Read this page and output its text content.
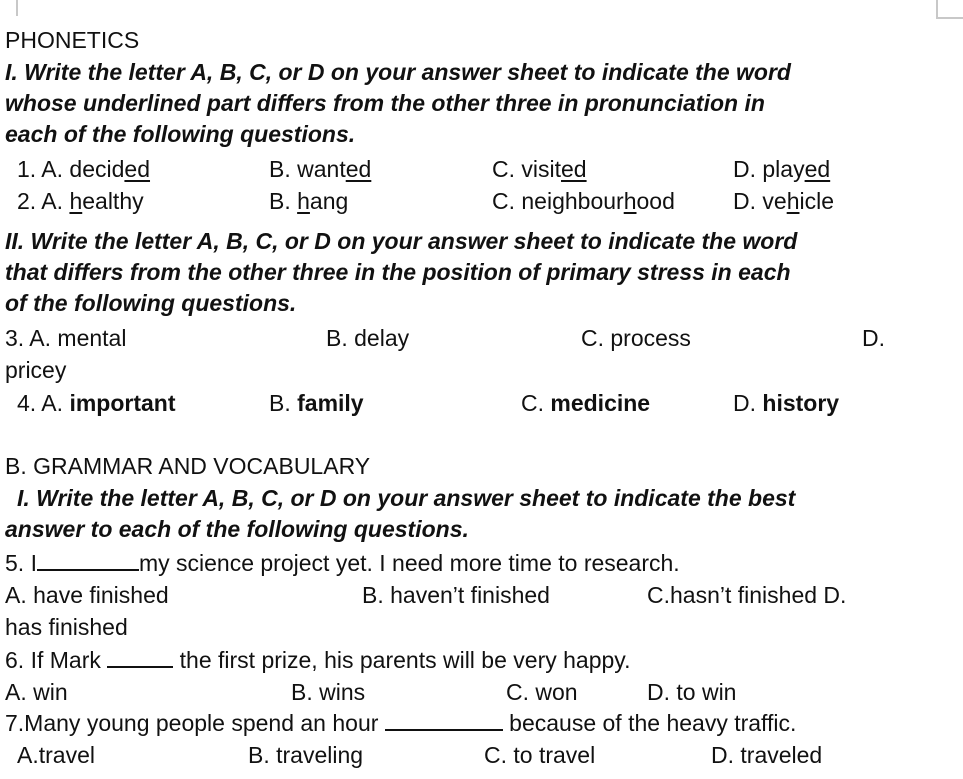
PHONETICS
I. Write the letter A, B, C, or D on your answer sheet to indicate the word
whose underlined part differs from the other three in pronunciation in
each of the following questions.
1. A. decided	B. wanted	C. visited	D. played
2. A. healthy	B. hang	C. neighbourhood	D. vehicle
II. Write the letter A, B, C, or D on your answer sheet to indicate the word
that differs from the other three in the position of primary stress in each
of the following questions.
3. A. mental	B. delay	C. process	D.
pricey
4. A. important	B. family	C. medicine	D. history
B. GRAMMAR AND VOCABULARY
I. Write the letter A, B, C, or D on your answer sheet to indicate the best
answer to each of the following questions.
5. I	my science project yet. I need more time to research.
A. have finished	B. haven’t finished	C.hasn’t finished D.
has finished
6. If Mark	the first prize, his parents will be very happy.
A. win	B. wins	C. won	D. to win
7.Many young people spend an hour	because of the heavy traffic.
A.travel	B. traveling	C. to travel	D. traveled
